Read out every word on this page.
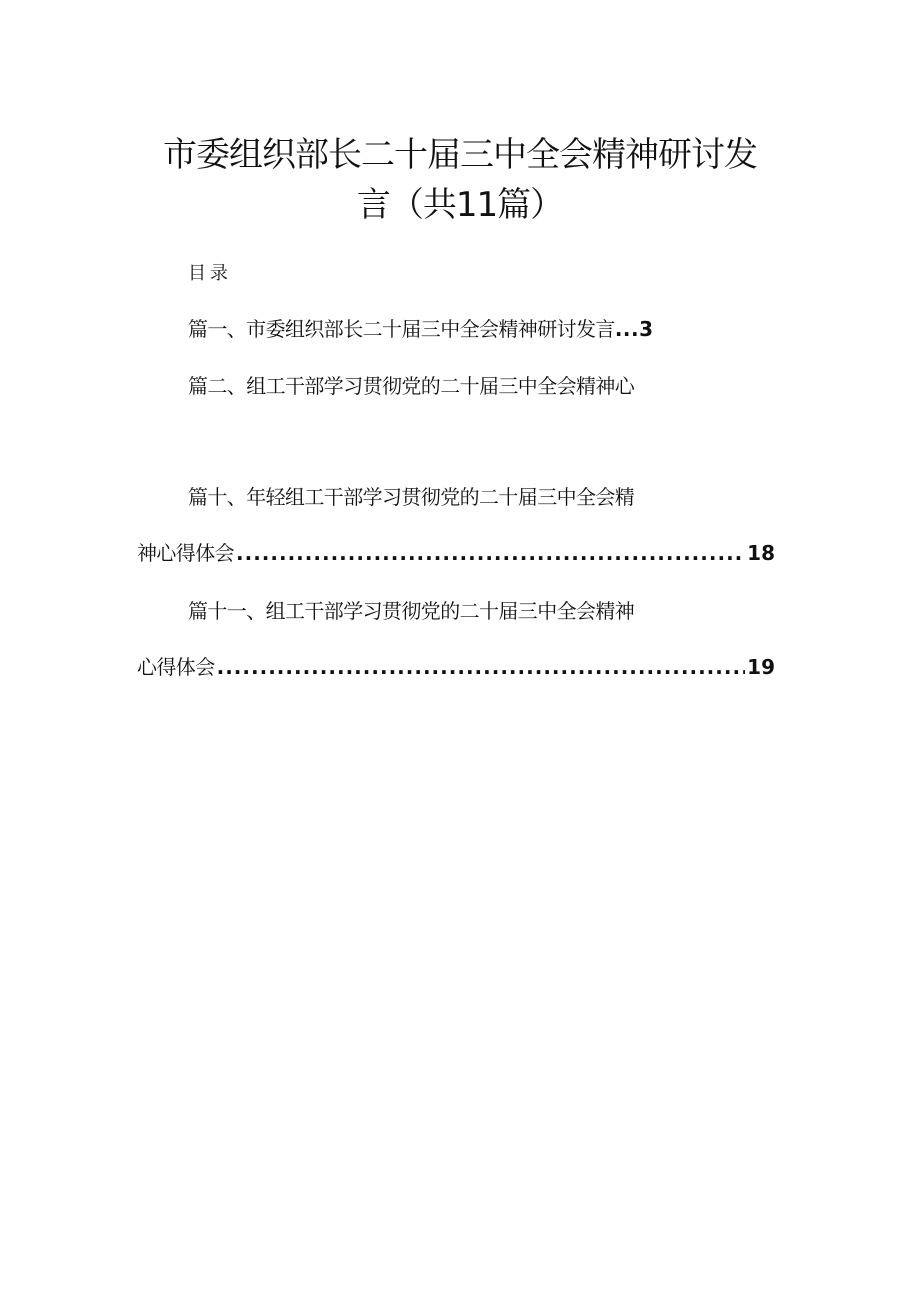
市委组织部长二十届三中全会精神研讨发
言（共11篇）
目录
篇一、市委组织部长二十届三中全会精神研讨发言 ... 3
篇二、组工干部学习贯彻党的二十届三中全会精神心
篇十、年轻组工干部学习贯彻党的二十届三中全会精
神心得体会 .....	18
篇十一、组工干部学习贯彻党的二十届三中全会精神
心得体会 .....	19
